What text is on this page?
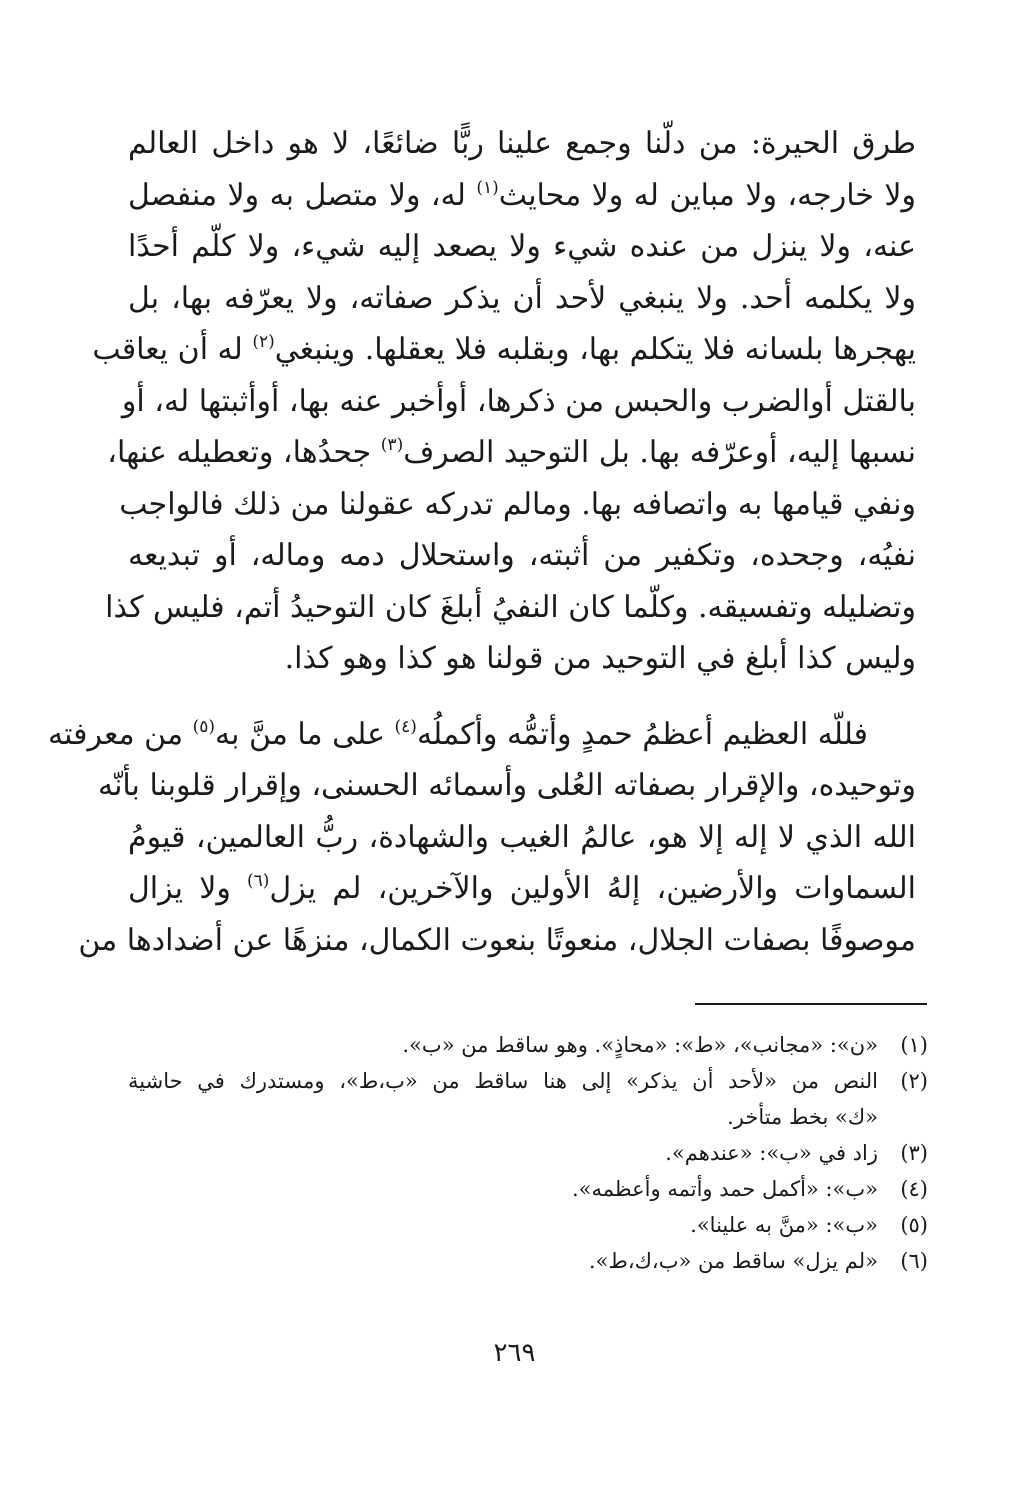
طرق الحيرة: من دلّنا وجمع علينا ربًّا ضائعًا، لا هو داخل العالم
ولا خارجه، ولا مباين له ولا محايث$^{(١)}$ له، ولا متصل به ولا منفصل
عنه، ولا ينزل من عنده شيء ولا يصعد إليه شيء، ولا كلّم أحدًا
ولا يكلمه أحد. ولا ينبغي لأحد أن يذكر صفاته، ولا يعرّفه بها، بل
يهجرها بلسانه فلا يتكلم بها، وبقلبه فلا يعقلها. وينبغي$^{(٢)}$ له أن يعاقب
بالقتل أوالضرب والحبس من ذكرها، أوأخبر عنه بها، أوأثبتها له، أو
نسبها إليه، أوعرّفه بها. بل التوحيد الصرف$^{(٣)}$ جحدُها، وتعطيله عنها،
ونفي قيامها به واتصافه بها. ومالم تدركه عقولنا من ذلك فالواجب
نفيُه، وجحده، وتكفير من أثبته، واستحلال دمه وماله، أو تبديعه
وتضليله وتفسيقه. وكلّما كان النفيُ أبلغَ كان التوحيدُ أتم، فليس كذا
وليس كذا أبلغ في التوحيد من قولنا هو كذا وهو كذا.
فللّه العظيم أعظمُ حمدٍ وأتمُّه وأكملُه$^{(٤)}$ على ما منَّ به$^{(٥)}$ من معرفته
وتوحيده، والإقرار بصفاته العُلى وأسمائه الحسنى، وإقرار قلوبنا بأنّه
الله الذي لا إله إلا هو، عالمُ الغيب والشهادة، ربُّ العالمين، قيومُ
السماوات والأرضين، إلهُ الأولين والآخرين، لم يزل$^{(٦)}$ ولا يزال
موصوفًا بصفات الجلال، منعوتًا بنعوت الكمال، منزهًا عن أضدادها من
(١)
«ن»: «مجانب»، «ط»: «محاذٍ». وهو ساقط من «ب».
(٢)
النص من «لأحد أن يذكر» إلى هنا ساقط من «ب،ط»، ومستدرك في حاشية
«ك» بخط متأخر.
(٣)
زاد في «ب»: «عندهم».
(٤)
«ب»: «أكمل حمد وأتمه وأعظمه».
(٥)
«ب»: «منَّ به علينا».
(٦)
«لم يزل» ساقط من «ب،ك،ط».
٢٦٩
